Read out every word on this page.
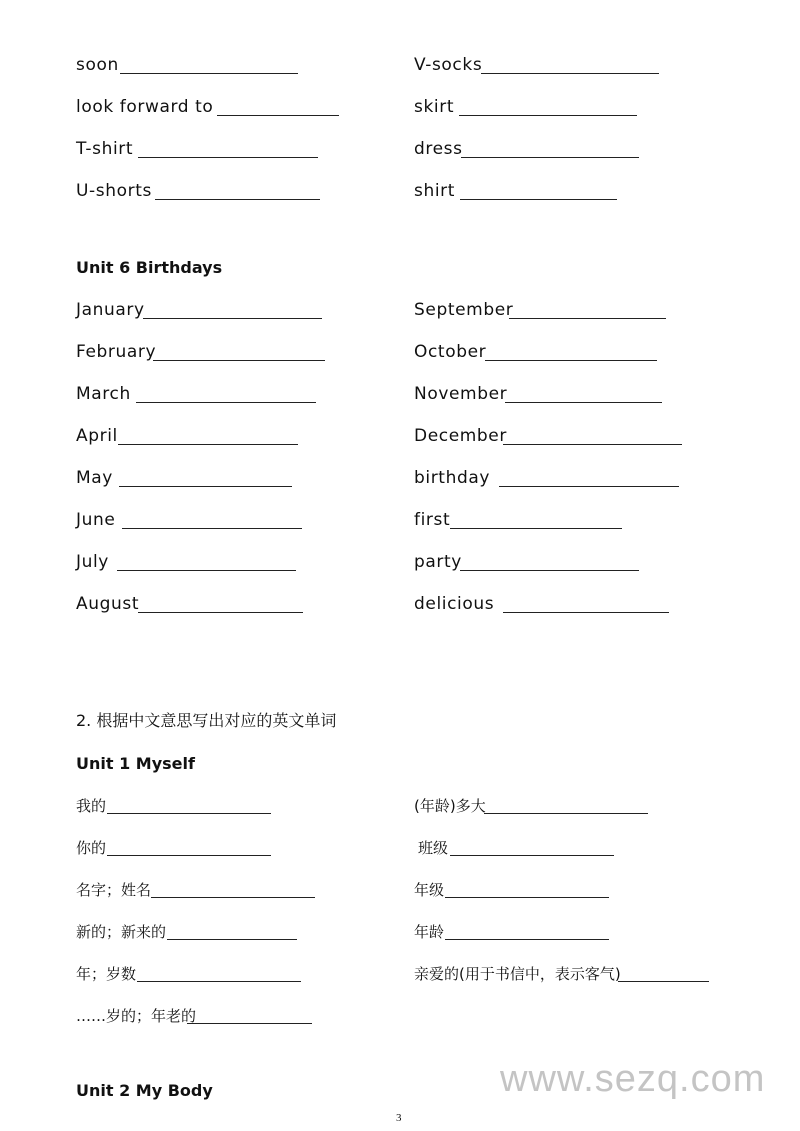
soon	V-socks
look forward to	skirt
T-shirt	dress
U-shorts	shirt
Unit 6 Birthdays
January	September
February	October
March	November
April	December
May	birthday
June	first
July	party
August	delicious
2. 根据中文意思写出对应的英文单词
Unit 1 Myself
我的	(年龄)多大
你的	班级
名字；姓名	年级
新的；新来的	年龄
年；岁数	亲爱的(用于书信中，表示客气)
……岁的；年老的
www.sezq.com
Unit 2 My Body
3
